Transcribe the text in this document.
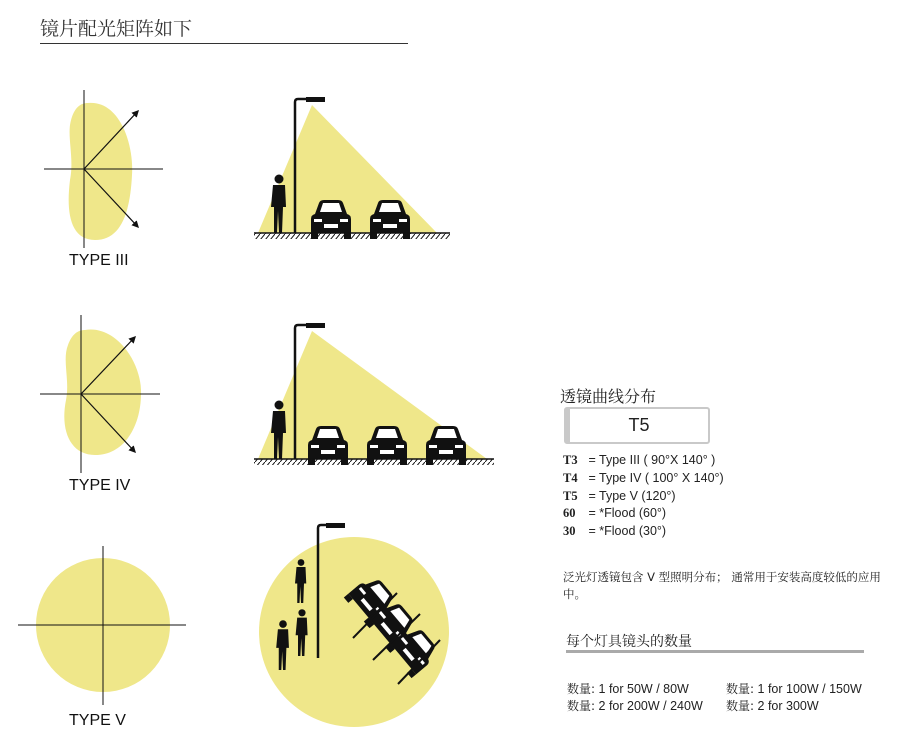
镜片配光矩阵如下
TYPE III
TYPE IV
TYPE V
透镜曲线分布
T5
T3 = Type III ( 90°X 140° )
T4 = Type IV ( 100° X 140°)
T5 = Type V (120°)
60 = *Flood (60°)
30 = *Flood (30°)
泛光灯透镜包含 V 型照明分布； 通常用于安装高度较低的应用中。
每个灯具镜头的数量
数量: 1 for 50W / 80W	数量: 1 for 100W / 150W
数量: 2 for 200W / 240W 数量: 2 for 300W
